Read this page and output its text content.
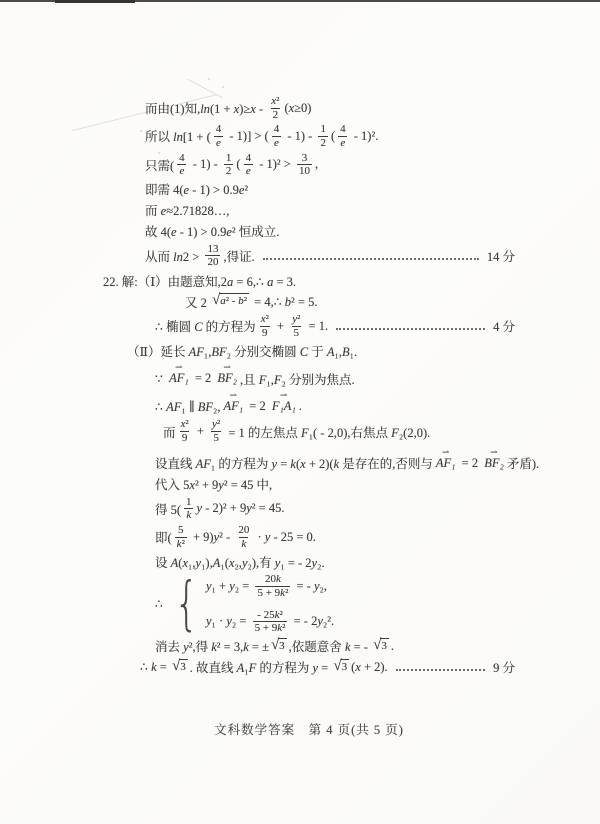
而由(1)知$,\ln(1 + x)\ge x - \frac{\text{x²}}{2} (x\ge 0)$
所以 ln[1 + ( $\frac{4}{e} - 1$)] > ( $\frac{4}{e} - 1) - \frac{1}{2}$ ( $\frac{4}{e} - 1)^2$.
只需( $\frac{4}{e} - 1) - \frac{1}{2}$ ( $\frac{4}{e} - 1)^2 > \frac{3}{10}$ ,
即需 4(e - 1) > 0.9e²
而 e≈2.71828…,
故 4(e - 1) > 0.9e² 恒成立.
从而 $\ln 2 > \frac{13}{20}$ ,得证.	14 分
22. 解:（Ⅰ）由题意知,2a = 6,∴ a = 3.
又 2 √ a² - b² = 4,∴ b² = 5.
∴ 椭圆 C 的方程为 $\frac{\text{x²}}{9} + \frac{\text{y²}}{5} = 1$.	4 分
（Ⅱ）延长 AF₁,BF₂ 分别交椭圆 C 于 A₁,B₁.
∵ ⇀ AF₁ = 2 ⇀ BF₂ ,且 F₁,F₂ 分别为焦点.
∴ AF₁ ∥ BF₂, ⇀ AF₁ = 2 ⇀ F₁A₁ .
而 $\frac{\text{x²}}{9} + \frac{\text{y²}}{5} = 1$ 的左焦点 F₁( - 2,0),右焦点 F₂(2,0).
设直线 AF₁ 的方程为 y = k(x + 2)(k 是存在的,否则与 ⇀ AF₁ = 2 ⇀ BF₂ 矛盾).
代入 5x² + 9y² = 45 中,
得 $5( \frac{1}{k}$ y - 2)² + 9y² = 45.
即( $\frac{5}{\text{k²}} + 9)y^2 - \frac{20}{k} \cdot y - 25 = 0$.
设 A(x₁,y₁),A₁(x₂,y₂),有 y₁ = - 2y₂.
∴ { $y_1 + y_2 = \frac{20k}{\text{5 + 9k²}}$ = - y₂,
$y_1 \cdot y_2 = \frac{\text{- 25k²}}{\text{5 + 9k²}}$ = - 2y₂².
消去 y²,得 k² = 3,k = ± √ 3 ,依题意舍 k = - √ 3 .
∴ k = √ 3 . 故直线 A₁F 的方程为 y = √ 3 (x + 2).	9 分
文科数学答案　第 4 页(共 5 页)
